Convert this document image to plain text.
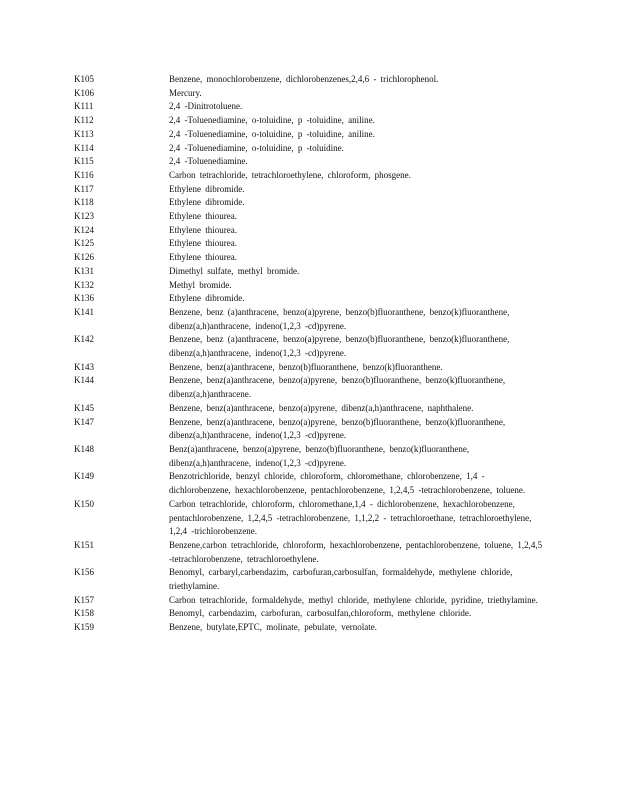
K105	Benzene, monochlorobenzene, dichlorobenzenes,2,4,6 - trichlorophenol.
K106	Mercury.
K111	2,4 -Dinitrotoluene.
K112	2,4 -Toluenediamine, o-toluidine, p -toluidine, aniline.
K113	2,4 -Toluenediamine, o-toluidine, p -toluidine, aniline.
K114	2,4 -Toluenediamine, o-toluidine, p -toluidine.
K115	2,4 -Toluenediamine.
K116	Carbon tetrachloride, tetrachloroethylene, chloroform, phosgene.
K117	Ethylene dibromide.
K118	Ethylene dibromide.
K123	Ethylene thiourea.
K124	Ethylene thiourea.
K125	Ethylene thiourea.
K126	Ethylene thiourea.
K131	Dimethyl sulfate, methyl bromide.
K132	Methyl bromide.
K136	Ethylene dibromide.
K141	Benzene, benz (a)anthracene, benzo(a)pyrene, benzo(b)fluoranthene, benzo(k)fluoranthene, dibenz(a,h)anthracene, indeno(1,2,3 -cd)pyrene.
K142	Benzene, benz (a)anthracene, benzo(a)pyrene, benzo(b)fluoranthene, benzo(k)fluoranthene, dibenz(a,h)anthracene, indeno(1,2,3 -cd)pyrene.
K143	Benzene, benz(a)anthracene, benzo(b)fluoranthene, benzo(k)fluoranthene.
K144	Benzene, benz(a)anthracene, benzo(a)pyrene, benzo(b)fluoranthene, benzo(k)fluoranthene, dibenz(a,h)anthracene.
K145	Benzene, benz(a)anthracene, benzo(a)pyrene, dibenz(a,h)anthracene, naphthalene.
K147	Benzene, benz(a)anthracene, benzo(a)pyrene, benzo(b)fluoranthene, benzo(k)fluoranthene, dibenz(a,h)anthracene, indeno(1,2,3 -cd)pyrene.
K148	Benz(a)anthracene, benzo(a)pyrene, benzo(b)fluoranthene, benzo(k)fluoranthene, dibenz(a,h)anthracene, indeno(1,2,3 -cd)pyrene.
K149	Benzotrichloride, benzyl chloride, chloroform, chloromethane, chlorobenzene, 1,4 -dichlorobenzene, hexachlorobenzene, pentachlorobenzene, 1,2,4,5 -tetrachlorobenzene, toluene.
K150	Carbon tetrachloride, chloroform, chloromethane,1,4 - dichlorobenzene, hexachlorobenzene, pentachlorobenzene, 1,2,4,5 -tetrachlorobenzene, 1,1,2,2 - tetrachloroethane, tetrachloroethylene, 1,2,4 -trichlorobenzene.
K151	Benzene,carbon tetrachloride, chloroform, hexachlorobenzene, pentachlorobenzene, toluene, 1,2,4,5 -tetrachlorobenzene, tetrachloroethylene.
K156	Benomyl, carbaryl,carbendazim, carbofuran,carbosulfan, formaldehyde, methylene chloride, triethylamine.
K157	Carbon tetrachloride, formaldehyde, methyl chloride, methylene chloride, pyridine, triethylamine.
K158	Benomyl, carbendazim, carbofuran, carbosulfan,chloroform, methylene chloride.
K159	Benzene, butylate,EPTC, molinate, pebulate, vernolate.
